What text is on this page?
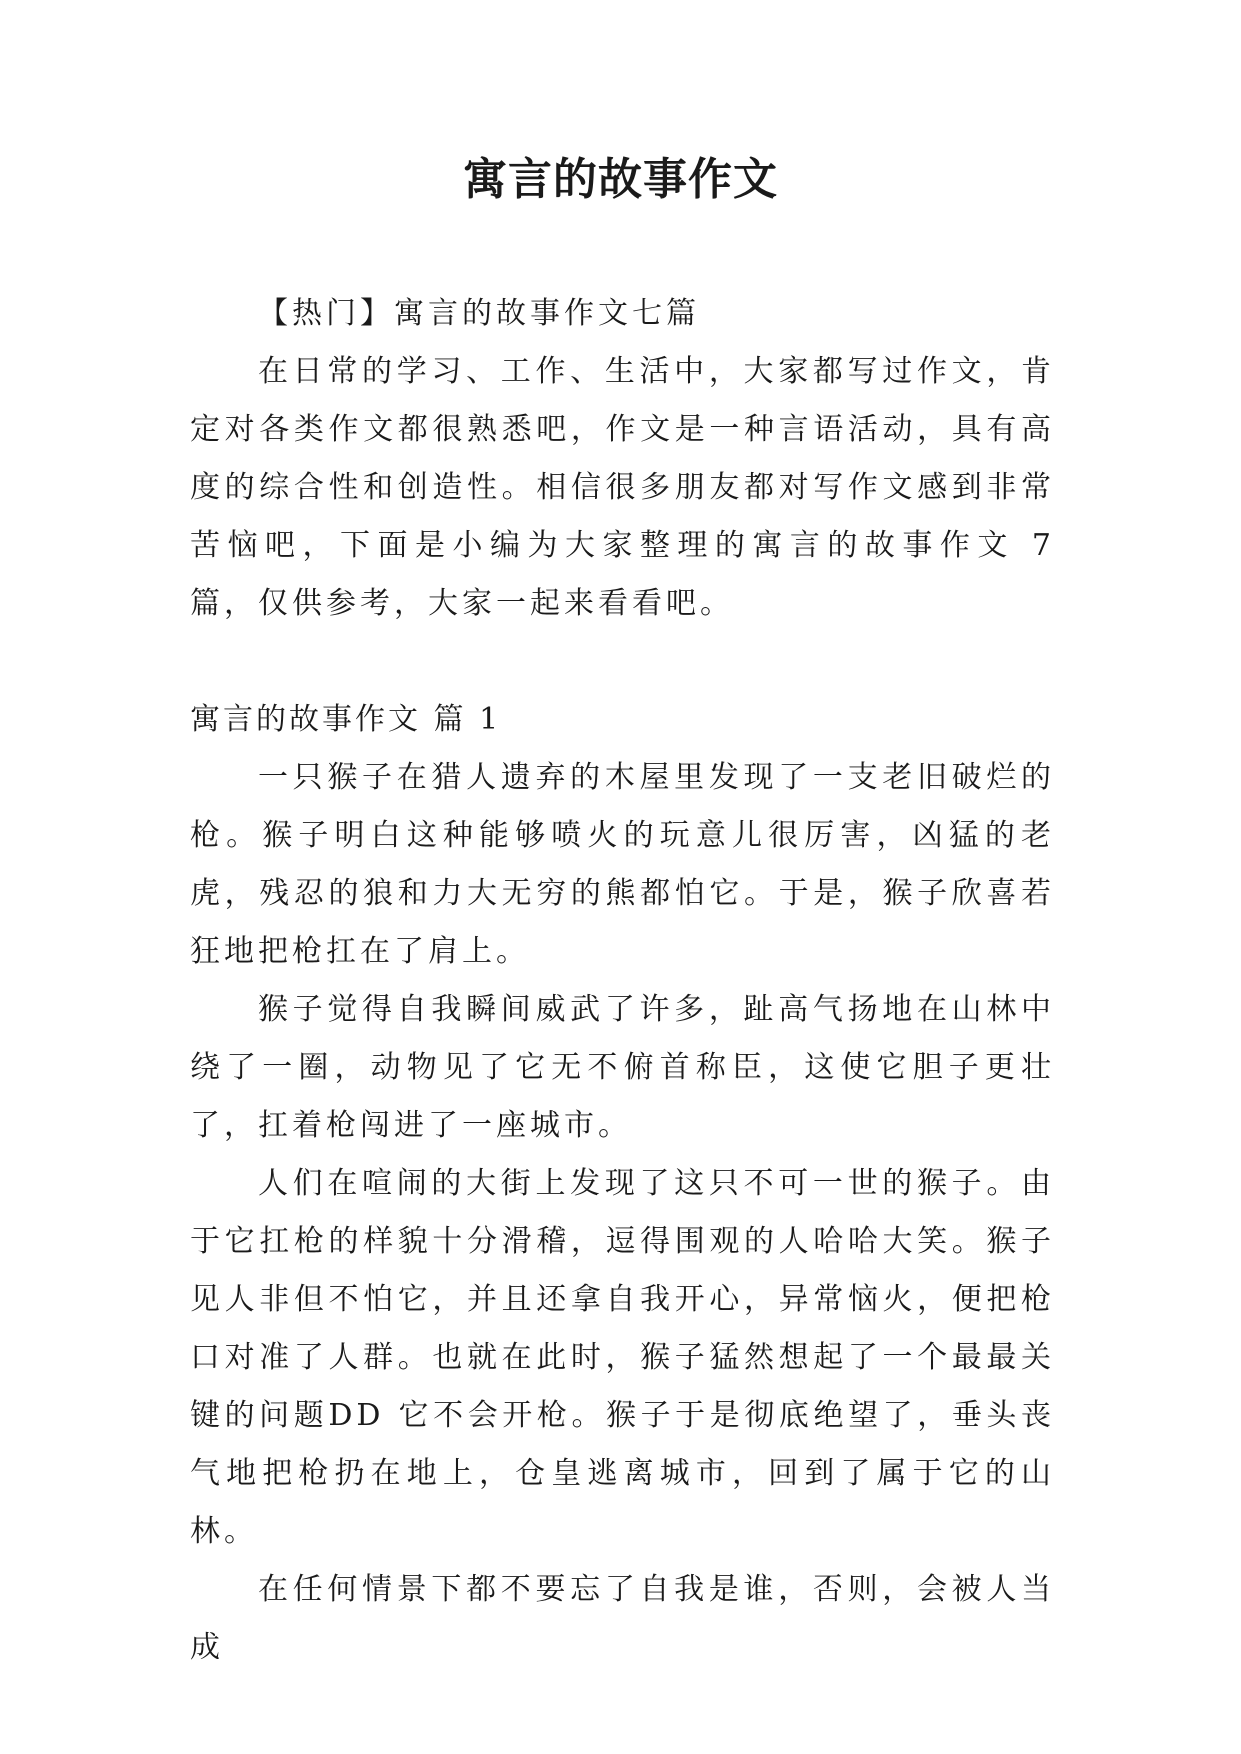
寓言的故事作文

【热门】寓言的故事作文七篇

在日常的学习、工作、生活中，大家都写过作文，肯定对各类作文都很熟悉吧，作文是一种言语活动，具有高度的综合性和创造性。相信很多朋友都对写作文感到非常苦恼吧，下面是小编为大家整理的寓言的故事作文 7 篇，仅供参考，大家一起来看看吧。

寓言的故事作文 篇 1

一只猴子在猎人遗弃的木屋里发现了一支老旧破烂的枪。猴子明白这种能够喷火的玩意儿很厉害，凶猛的老虎，残忍的狼和力大无穷的熊都怕它。于是，猴子欣喜若狂地把枪扛在了肩上。

猴子觉得自我瞬间威武了许多，趾高气扬地在山林中绕了一圈，动物见了它无不俯首称臣，这使它胆子更壮了，扛着枪闯进了一座城市。

人们在喧闹的大街上发现了这只不可一世的猴子。由于它扛枪的样貌十分滑稽，逗得围观的人哈哈大笑。猴子见人非但不怕它，并且还拿自我开心，异常恼火，便把枪口对准了人群。也就在此时，猴子猛然想起了一个最最关键的问题DD 它不会开枪。猴子于是彻底绝望了，垂头丧气地把枪扔在地上，仓皇逃离城市，回到了属于它的山林。

在任何情景下都不要忘了自我是谁，否则，会被人当成
